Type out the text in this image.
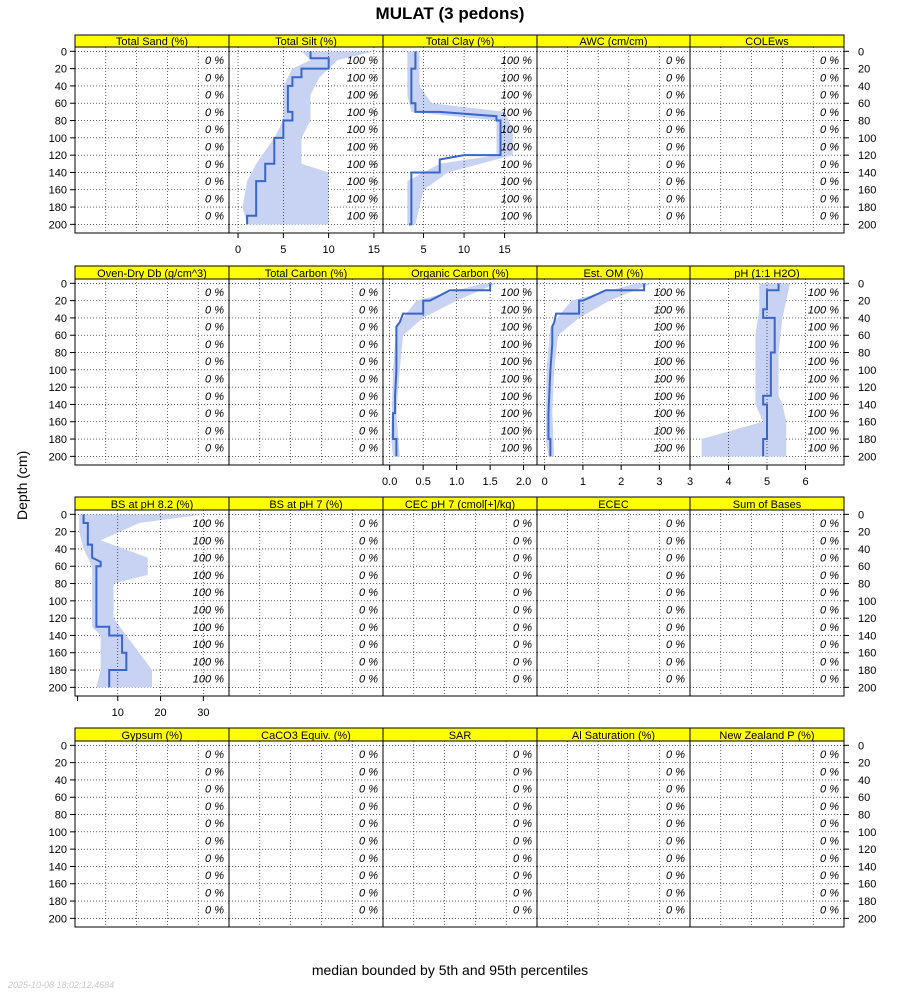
MULAT (3 pedons)
Depth (cm)
Total Sand (%)
0 %
0 %
0 %
0 %
0 %
0 %
0 %
0 %
0 %
0 %
Total Silt (%)
100 %
100 %
100 %
100 %
100 %
100 %
100 %
100 %
100 %
100 %
0	5	10	15
Total Clay (%)
100 %
100 %
100 %
100 %
100 %
100 %
100 %
100 %
100 %
100 %
5	10	15
AWC (cm/cm)
0 %
0 %
0 %
0 %
0 %
0 %
0 %
0 %
0 %
0 %
COLEws
0 %
0 %
0 %
0 %
0 %
0 %
0 %
0 %
0 %
0 %
Oven-Dry Db (g/cm^3)
0 %
0 %
0 %
0 %
0 %
0 %
0 %
0 %
0 %
0 %
Total Carbon (%)
0 %
0 %
0 %
0 %
0 %
0 %
0 %
0 %
0 %
0 %
Organic Carbon (%)
100 %
100 %
100 %
100 %
100 %
100 %
100 %
100 %
100 %
100 %
0.0 0.5 1.0 1.5 2.0
Est. OM (%)
100 %
100 %
100 %
100 %
100 %
100 %
100 %
100 %
100 %
100 %
0	1	2	3
pH (1:1 H2O)
100 %
100 %
100 %
100 %
100 %
100 %
100 %
100 %
100 %
100 %
3	4	5	6
BS at pH 8.2 (%)
100 %
100 %
100 %
100 %
100 %
100 %
100 %
100 %
100 %
100 %
10	20	30
BS at pH 7 (%)
0 %
0 %
0 %
0 %
0 %
0 %
0 %
0 %
0 %
0 %
CEC pH 7 (cmol[+]/kg)
0 %
0 %
0 %
0 %
0 %
0 %
0 %
0 %
0 %
0 %
ECEC
0 %
0 %
0 %
0 %
0 %
0 %
0 %
0 %
0 %
0 %
Sum of Bases
0 %
0 %
0 %
0 %
0 %
0 %
0 %
0 %
0 %
0 %
Gypsum (%)
0 %
0 %
0 %
0 %
0 %
0 %
0 %
0 %
0 %
0 %
CaCO3 Equiv. (%)
0 %
0 %
0 %
0 %
0 %
0 %
0 %
0 %
0 %
0 %
SAR
0 %
0 %
0 %
0 %
0 %
0 %
0 %
0 %
0 %
0 %
Al Saturation (%)
0 %
0 %
0 %
0 %
0 %
0 %
0 %
0 %
0 %
0 %
New Zealand P (%)
0 %
0 %
0 %
0 %
0 %
0 %
0 %
0 %
0 %
0 %
0	0
20	20
40	40
60	60
80	80
100	100
120	120
140	140
160	160
180	180
200	200
0	0
20	20
40	40
60	60
80	80
100	100
120	120
140	140
160	160
180	180
200	200
0	0
20	20
40	40
60	60
80	80
100	100
120	120
140	140
160	160
180	180
200	200
0	0
20	20
40	40
60	60
80	80
100	100
120	120
140	140
160	160
180	180
200	200
median bounded by 5th and 95th percentiles
2025-10-08 18:02:12.4684
